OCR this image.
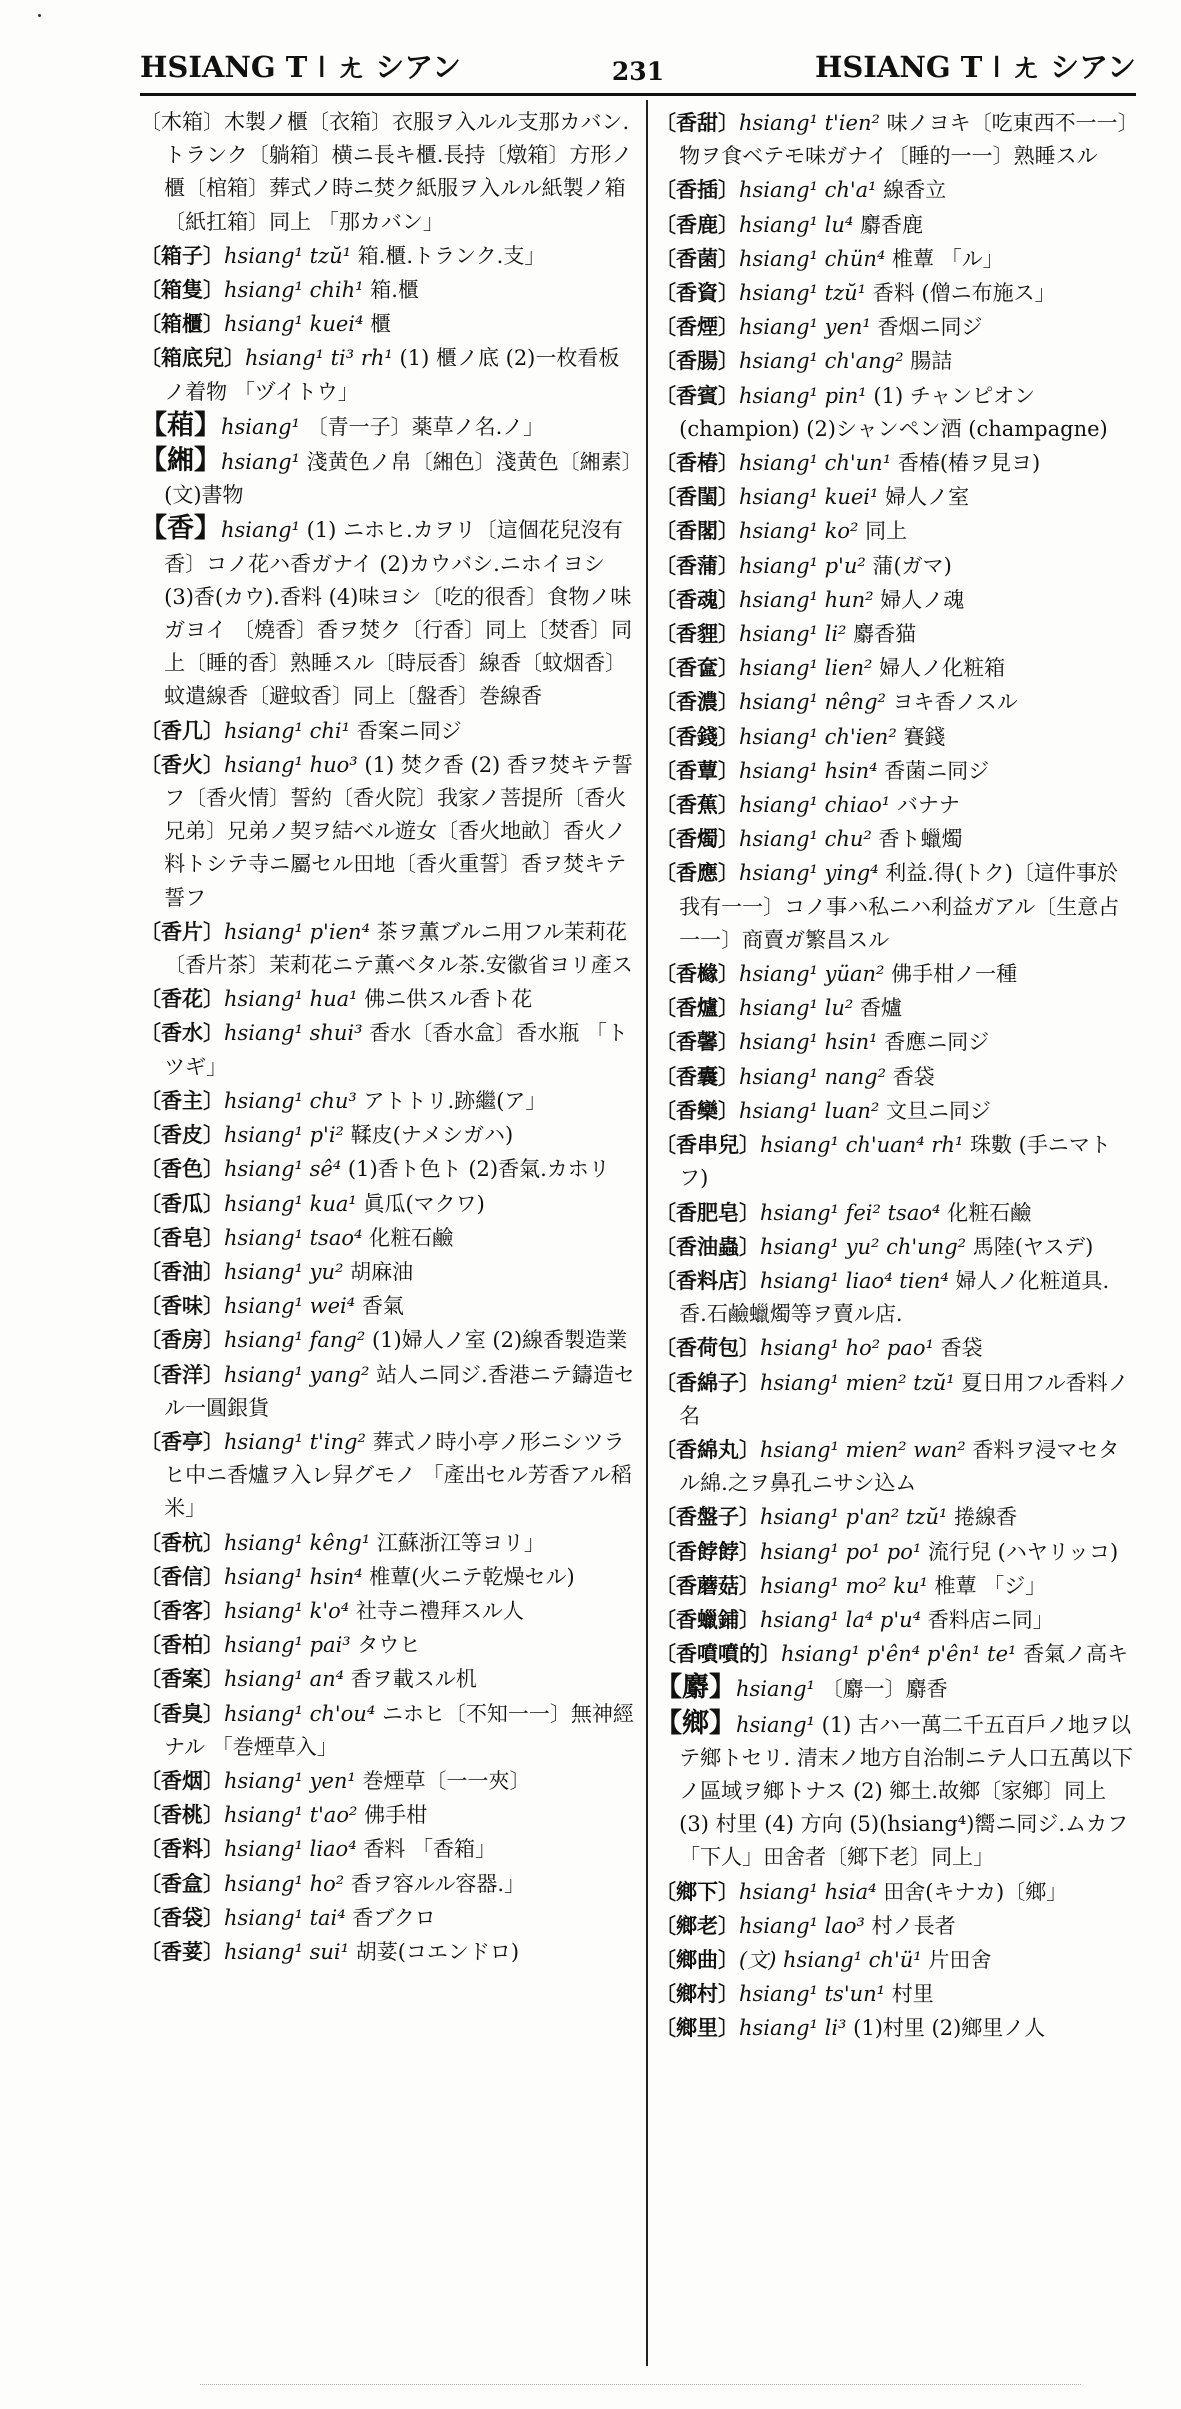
HSIANG T ǀ ㄤ シアン	231	HSIANG T ǀ ㄤ シアン

〔木箱〕木製ノ櫃〔衣箱〕衣服ヲ入ルル支那カバン.トランク〔躺箱〕横ニ長キ櫃.長持〔燉箱〕方形ノ櫃〔棺箱〕葬式ノ時ニ焚ク紙服ヲ入ルル紙製ノ箱〔紙扛箱〕同上 「那カバン」

〔箱子〕hsiang¹ tzŭ¹ 箱.櫃.トランク.支」

〔箱隻〕hsiang¹ chih¹ 箱.櫃

〔箱櫃〕hsiang¹ kuei⁴ 櫃

〔箱底兒〕hsiang¹ ti³ rh¹ (1) 櫃ノ底 (2)一枚看板ノ着物 「ヅイトウ」

【葙】hsiang¹ 〔青一子〕薬草ノ名.ノ」

【緗】hsiang¹ 淺黄色ノ帛〔緗色〕淺黄色〔緗素〕(文)書物

【香】hsiang¹ (1) ニホヒ.カヲリ〔這個花兒沒有香〕コノ花ハ香ガナイ (2)カウバシ.ニホイヨシ (3)香(カウ).香料 (4)味ヨシ〔吃的很香〕食物ノ味ガヨイ 〔燒香〕香ヲ焚ク〔行香〕同上〔焚香〕同上〔睡的香〕熟睡スル〔時辰香〕線香〔蚊烟香〕蚊遣線香〔避蚊香〕同上〔盤香〕巻線香

〔香几〕hsiang¹ chi¹ 香案ニ同ジ

〔香火〕hsiang¹ huo³ (1) 焚ク香 (2) 香ヲ焚キテ誓フ〔香火情〕誓約〔香火院〕我家ノ菩提所〔香火兄弟〕兄弟ノ契ヲ結ベル遊女〔香火地畝〕香火ノ料トシテ寺ニ屬セル田地〔香火重誓〕香ヲ焚キテ誓フ

〔香片〕hsiang¹ p'ien⁴ 茶ヲ薫ブルニ用フル茉莉花〔香片茶〕茉莉花ニテ薫ベタル茶.安徽省ヨリ產ス

〔香花〕hsiang¹ hua¹ 佛ニ供スル香ト花

〔香水〕hsiang¹ shui³ 香水〔香水盒〕香水瓶 「トツギ」

〔香主〕hsiang¹ chu³ アトトリ.跡繼(ア」

〔香皮〕hsiang¹ p'i² 鞣皮(ナメシガハ)

〔香色〕hsiang¹ sê⁴ (1)香ト色ト (2)香氣.カホリ

〔香瓜〕hsiang¹ kua¹ 眞瓜(マクワ)

〔香皂〕hsiang¹ tsao⁴ 化粧石鹼

〔香油〕hsiang¹ yu² 胡麻油

〔香味〕hsiang¹ wei⁴ 香氣

〔香房〕hsiang¹ fang² (1)婦人ノ室 (2)線香製造業

〔香洋〕hsiang¹ yang² 站人ニ同ジ.香港ニテ鑄造セル一圓銀貨

〔香亭〕hsiang¹ t'ing² 葬式ノ時小亭ノ形ニシツラヒ中ニ香爐ヲ入レ舁グモノ 「產出セル芳香アル稻米」

〔香杭〕hsiang¹ kêng¹ 江蘇浙江等ヨリ」

〔香信〕hsiang¹ hsin⁴ 椎蕈(火ニテ乾燥セル)

〔香客〕hsiang¹ k'o⁴ 社寺ニ禮拜スル人

〔香柏〕hsiang¹ pai³ タウヒ

〔香案〕hsiang¹ an⁴ 香ヲ載スル机

〔香臭〕hsiang¹ ch'ou⁴ ニホヒ〔不知一一〕無神經ナル 「巻煙草入」

〔香烟〕hsiang¹ yen¹ 巻煙草〔一一夾〕

〔香桃〕hsiang¹ t'ao² 佛手柑

〔香料〕hsiang¹ liao⁴ 香料 「香箱」

〔香盒〕hsiang¹ ho² 香ヲ容ルル容器.」

〔香袋〕hsiang¹ tai⁴ 香ブクロ

〔香荽〕hsiang¹ sui¹ 胡荽(コエンドロ)

〔香甜〕hsiang¹ t'ien² 味ノヨキ〔吃東西不一一〕物ヲ食ベテモ味ガナイ〔睡的一一〕熟睡スル

〔香插〕hsiang¹ ch'a¹ 線香立

〔香鹿〕hsiang¹ lu⁴ 麝香鹿

〔香菌〕hsiang¹ chün⁴ 椎蕈 「ル」

〔香資〕hsiang¹ tzŭ¹ 香料 (僧ニ布施ス」

〔香煙〕hsiang¹ yen¹ 香烟ニ同ジ

〔香腸〕hsiang¹ ch'ang² 腸詰

〔香賓〕hsiang¹ pin¹ (1) チャンピオン (champion) (2)シャンペン酒 (champagne)

〔香椿〕hsiang¹ ch'un¹ 香椿(椿ヲ見ヨ)

〔香閨〕hsiang¹ kuei¹ 婦人ノ室

〔香閣〕hsiang¹ ko² 同上

〔香蒲〕hsiang¹ p'u² 蒲(ガマ)

〔香魂〕hsiang¹ hun² 婦人ノ魂

〔香貍〕hsiang¹ li² 麝香猫

〔香奩〕hsiang¹ lien² 婦人ノ化粧箱

〔香濃〕hsiang¹ nêng² ヨキ香ノスル

〔香錢〕hsiang¹ ch'ien² 賽錢

〔香蕈〕hsiang¹ hsin⁴ 香菌ニ同ジ

〔香蕉〕hsiang¹ chiao¹ バナナ

〔香燭〕hsiang¹ chu² 香ト蠟燭

〔香應〕hsiang¹ ying⁴ 利益.得(トク)〔這件事於我有一一〕コノ事ハ私ニハ利益ガアル〔生意占一一〕商賣ガ繁昌スル

〔香櫞〕hsiang¹ yüan² 佛手柑ノ一種

〔香爐〕hsiang¹ lu² 香爐

〔香馨〕hsiang¹ hsin¹ 香應ニ同ジ

〔香囊〕hsiang¹ nang² 香袋

〔香欒〕hsiang¹ luan² 文旦ニ同ジ

〔香串兒〕hsiang¹ ch'uan⁴ rh¹ 珠數 (手ニマトフ)

〔香肥皂〕hsiang¹ fei² tsao⁴ 化粧石鹼

〔香油蟲〕hsiang¹ yu² ch'ung² 馬陸(ヤスデ)

〔香料店〕hsiang¹ liao⁴ tien⁴ 婦人ノ化粧道具.香.石鹼蠟燭等ヲ賣ル店.

〔香荷包〕hsiang¹ ho² pao¹ 香袋

〔香綿子〕hsiang¹ mien² tzŭ¹ 夏日用フル香料ノ名

〔香綿丸〕hsiang¹ mien² wan² 香料ヲ浸マセタル綿.之ヲ鼻孔ニサシ込ム

〔香盤子〕hsiang¹ p'an² tzŭ¹ 捲線香

〔香餑餑〕hsiang¹ po¹ po¹ 流行兒 (ハヤリッコ)

〔香蘑菇〕hsiang¹ mo² ku¹ 椎蕈 「ジ」

〔香蠟鋪〕hsiang¹ la⁴ p'u⁴ 香料店ニ同」

〔香噴噴的〕hsiang¹ p'ên⁴ p'ên¹ te¹ 香氣ノ高キ

【麝】hsiang¹ 〔麝一〕麝香

【鄉】hsiang¹ (1) 古ハ一萬二千五百戶ノ地ヲ以テ鄉トセリ. 清末ノ地方自治制ニテ人口五萬以下ノ區域ヲ鄉トナス (2) 鄉土.故鄉〔家鄉〕同上 (3) 村里 (4) 方向 (5)(hsiang⁴)嚮ニ同ジ.ムカフ 「下人」田舍者〔鄉下老〕同上」

〔鄉下〕hsiang¹ hsia⁴ 田舍(キナカ)〔鄉」

〔鄉老〕hsiang¹ lao³ 村ノ長者

〔鄉曲〕(文) hsiang¹ ch'ü¹ 片田舍

〔鄉村〕hsiang¹ ts'un¹ 村里

〔鄉里〕hsiang¹ li³ (1)村里 (2)鄉里ノ人
